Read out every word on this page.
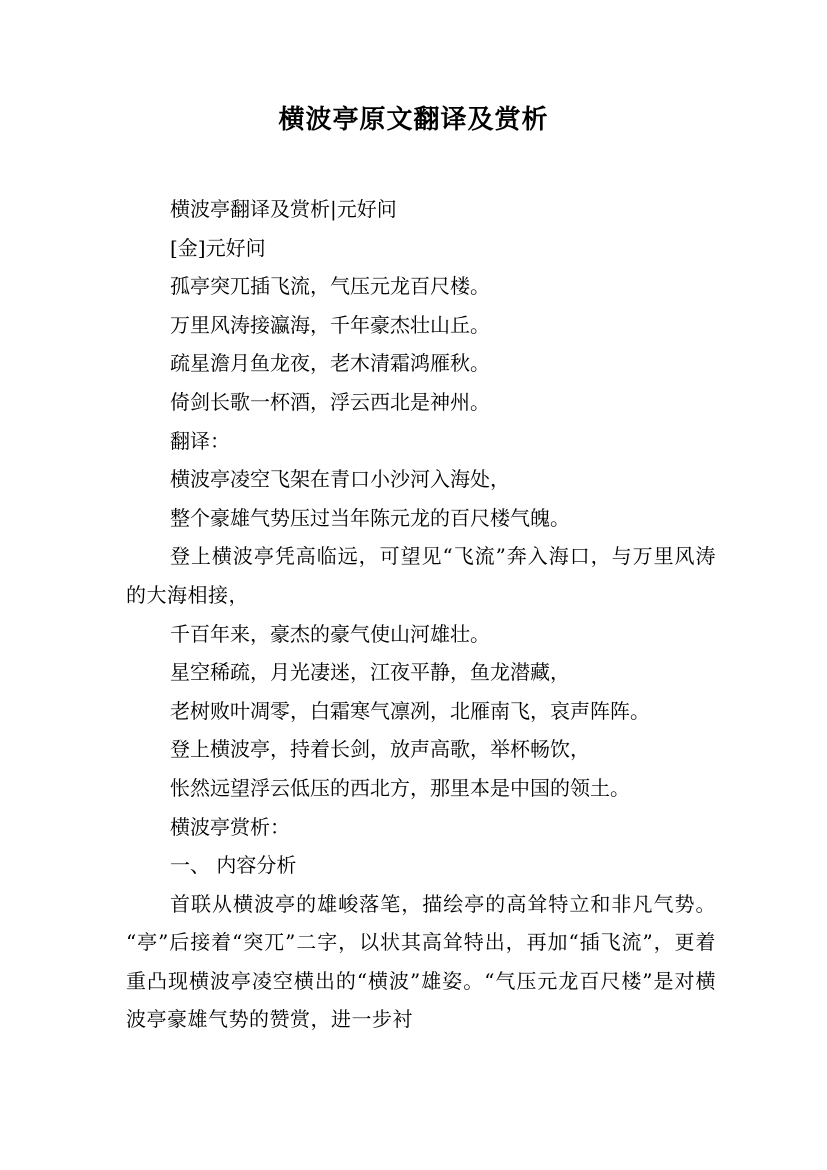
横波亭原文翻译及赏析

横波亭翻译及赏析|元好问

[金]元好问

孤亭突兀插飞流，气压元龙百尺楼。

万里风涛接瀛海，千年豪杰壮山丘。

疏星澹月鱼龙夜，老木清霜鸿雁秋。

倚剑长歌一杯酒，浮云西北是神州。

翻译：

横波亭凌空飞架在青口小沙河入海处，

整个豪雄气势压过当年陈元龙的百尺楼气魄。

登上横波亭凭高临远，可望见“飞流”奔入海口，与万里风涛的大海相接，

千百年来，豪杰的豪气使山河雄壮。

星空稀疏，月光凄迷，江夜平静，鱼龙潜藏，

老树败叶凋零，白霜寒气凛冽，北雁南飞，哀声阵阵。

登上横波亭，持着长剑，放声高歌，举杯畅饮，

怅然远望浮云低压的西北方，那里本是中国的领土。

横波亭赏析：

一、 内容分析

首联从横波亭的雄峻落笔，描绘亭的高耸特立和非凡气势。 “亭”后接着“突兀”二字，以状其高耸特出，再加“插飞流”，更着重凸现横波亭凌空横出的“横波”雄姿。“气压元龙百尺楼”是对横波亭豪雄气势的赞赏，进一步衬
